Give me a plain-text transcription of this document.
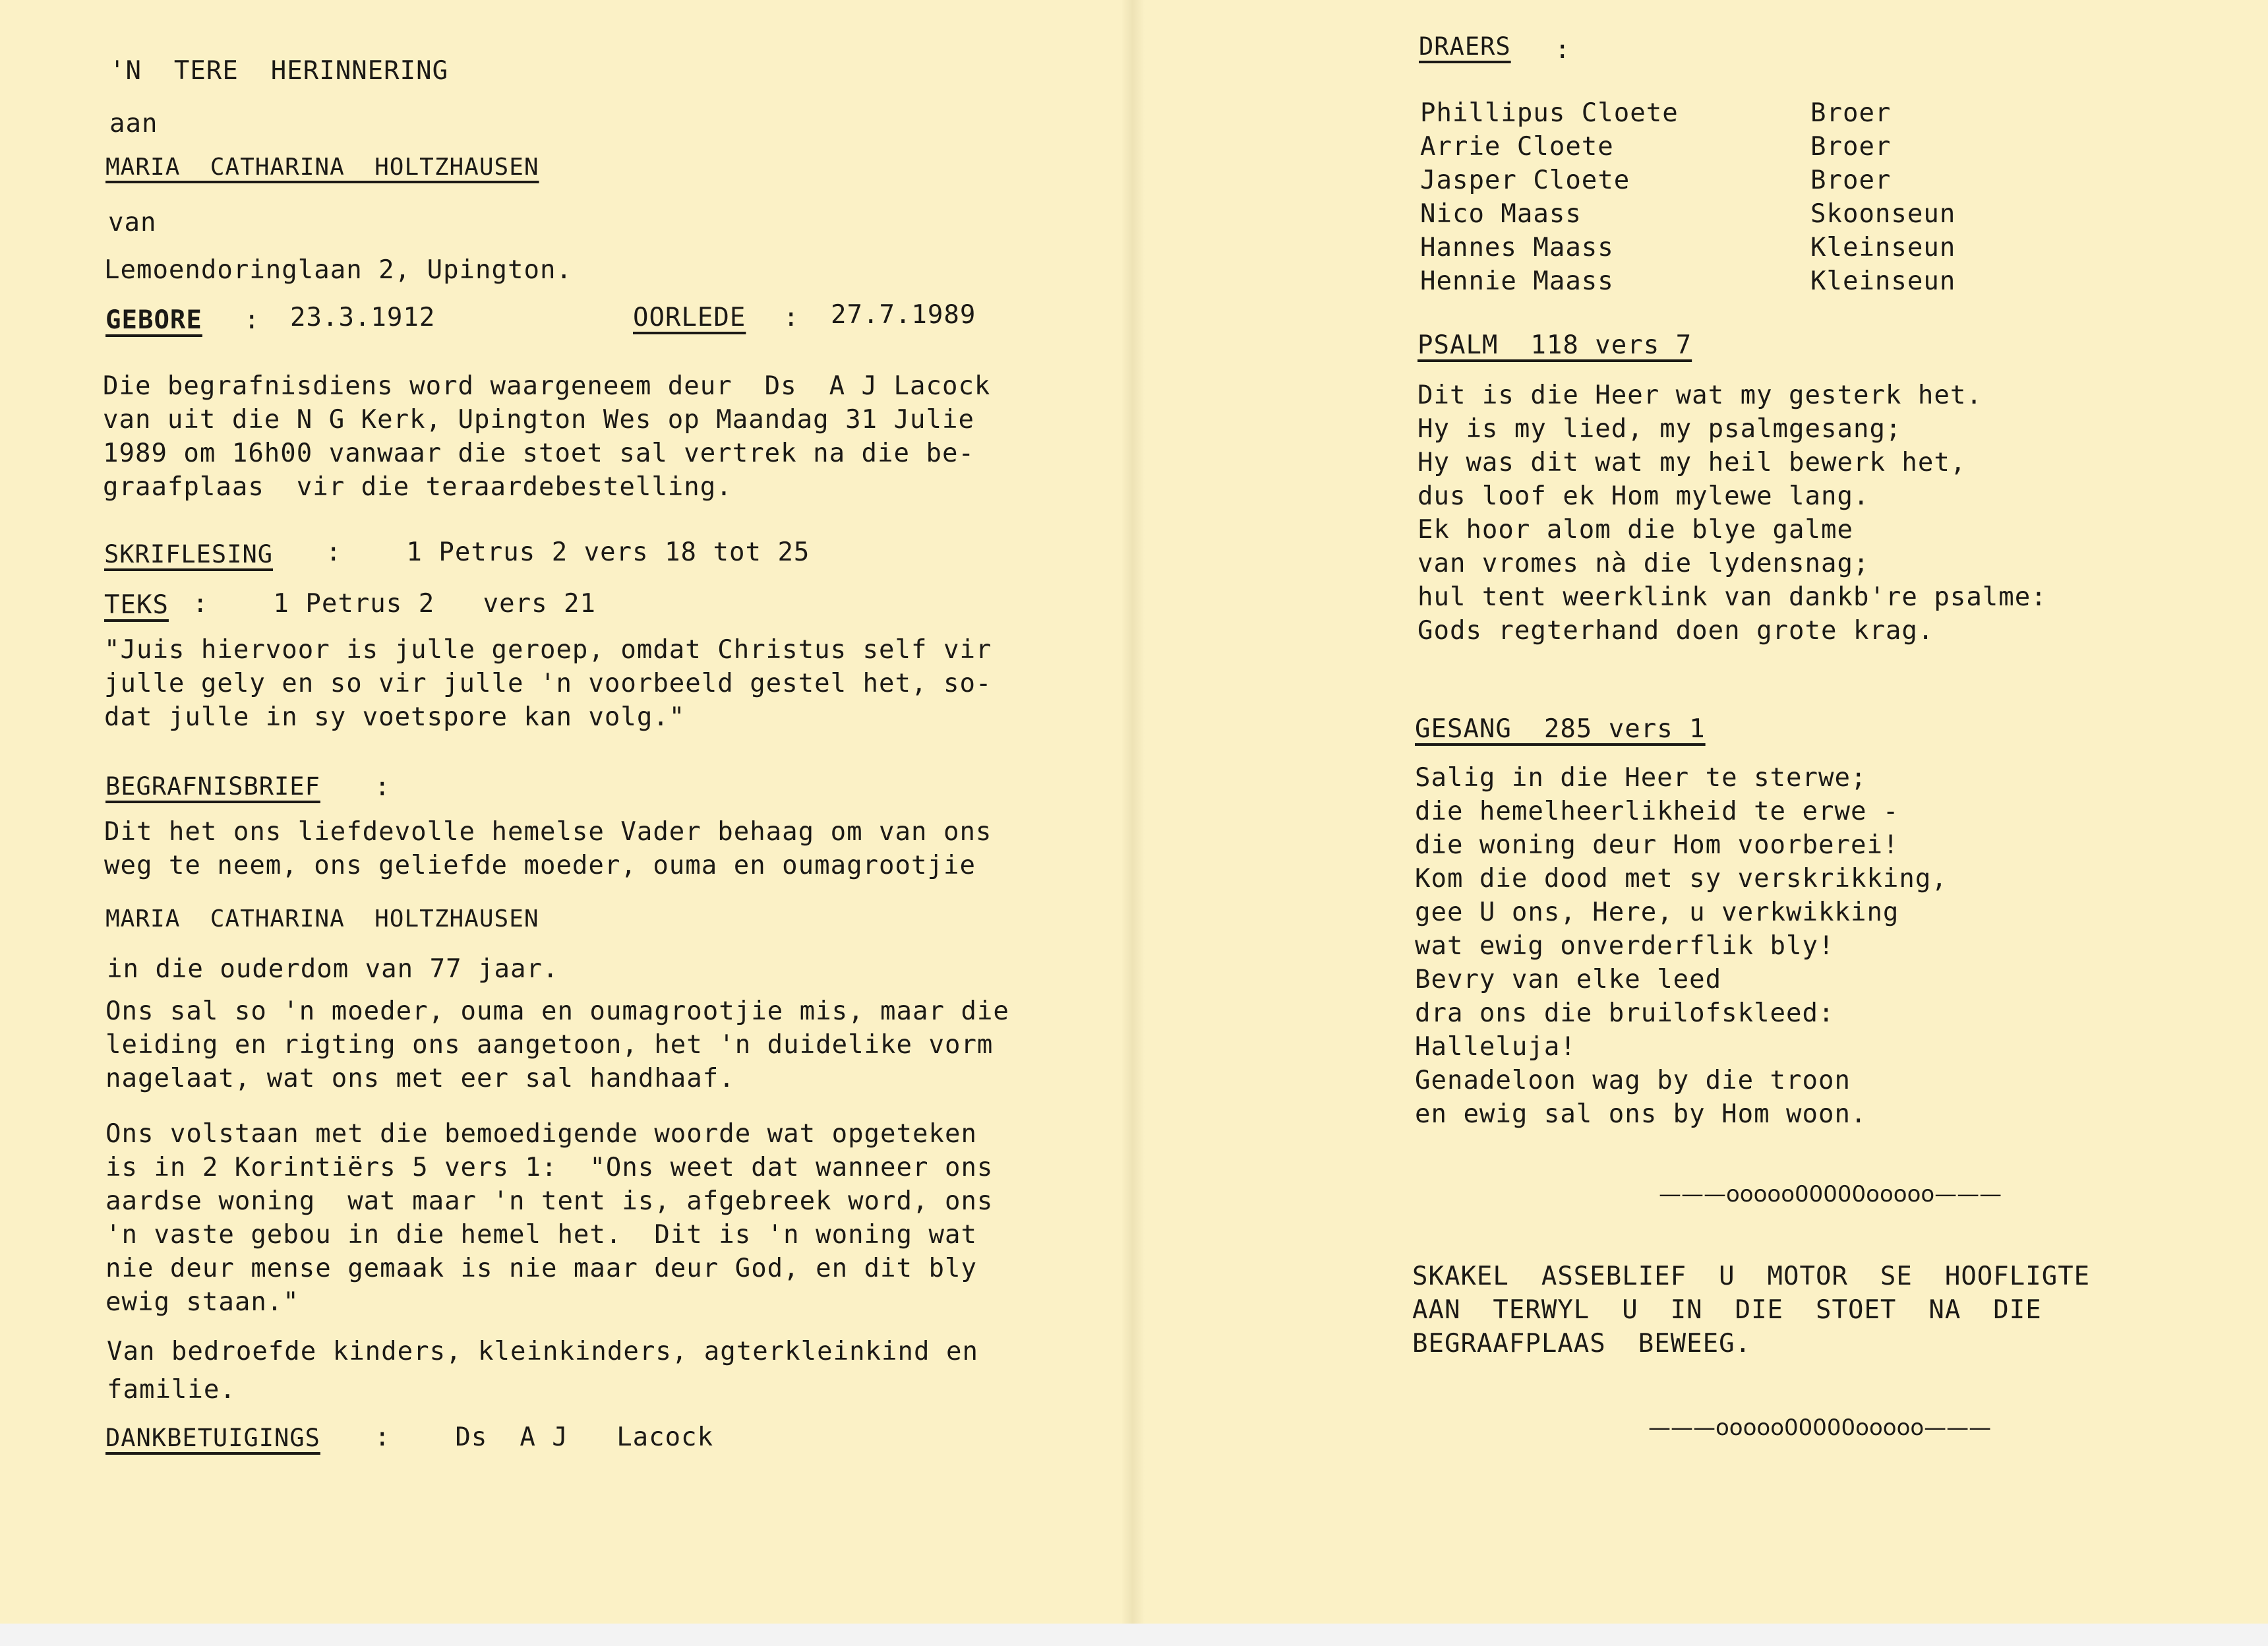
'N  TERE  HERINNERING
aan
MARIA  CATHARINA  HOLTZHAUSEN
van
Lemoendoringlaan 2, Upington.
GEBORE : 23.3.1912	OORLEDE : 27.7.1989
Die begrafnisdiens word waargeneem deur  Ds  A J Lacock
van uit die N G Kerk, Upington Wes op Maandag 31 Julie
1989 om 16h00 vanwaar die stoet sal vertrek na die be-
graafplaas  vir die teraardebestelling.
SKRIFLESING :    1 Petrus 2 vers 18 tot 25
TEKS :    1 Petrus 2   vers 21
"Juis hiervoor is julle geroep, omdat Christus self vir
julle gely en so vir julle 'n voorbeeld gestel het, so-
dat julle in sy voetspore kan volg."
BEGRAFNISBRIEF :
Dit het ons liefdevolle hemelse Vader behaag om van ons
weg te neem, ons geliefde moeder, ouma en oumagrootjie
MARIA  CATHARINA  HOLTZHAUSEN
in die ouderdom van 77 jaar.
Ons sal so 'n moeder, ouma en oumagrootjie mis, maar die
leiding en rigting ons aangetoon, het 'n duidelike vorm
nagelaat, wat ons met eer sal handhaaf.
Ons volstaan met die bemoedigende woorde wat opgeteken
is in 2 Korintiërs 5 vers 1:  "Ons weet dat wanneer ons
aardse woning  wat maar 'n tent is, afgebreek word, ons
'n vaste gebou in die hemel het.  Dit is 'n woning wat
nie deur mense gemaak is nie maar deur God, en dit bly
ewig staan."
Van bedroefde kinders, kleinkinders, agterkleinkind en
familie.
DANKBETUIGINGS :    Ds  A J   Lacock
DRAERS :
Phillipus Cloete
Arrie Cloete
Jasper Cloete
Nico Maass
Hannes Maass
Hennie Maass
Broer
Broer
Broer
Skoonseun
Kleinseun
Kleinseun
PSALM  118 vers 7
Dit is die Heer wat my gesterk het.
Hy is my lied, my psalmgesang;
Hy was dit wat my heil bewerk het,
dus loof ek Hom mylewe lang.
Ek hoor alom die blye galme
van vromes nà die lydensnag;
hul tent weerklink van dankb're psalme:
Gods regterhand doen grote krag.
GESANG  285 vers 1
Salig in die Heer te sterwe;
die hemelheerlikheid te erwe -
die woning deur Hom voorberei!
Kom die dood met sy verskrikking,
gee U ons, Here, u verkwikking
wat ewig onverderflik bly!
Bevry van elke leed
dra ons die bruilofskleed:
Halleluja!
Genadeloon wag by die troon
en ewig sal ons by Hom woon.
———ooooo00000ooooo———
SKAKEL  ASSEBLIEF  U  MOTOR  SE  HOOFLIGTE
AAN  TERWYL  U  IN  DIE  STOET  NA  DIE
BEGRAAFPLAAS  BEWEEG.
———ooooo00000ooooo———
